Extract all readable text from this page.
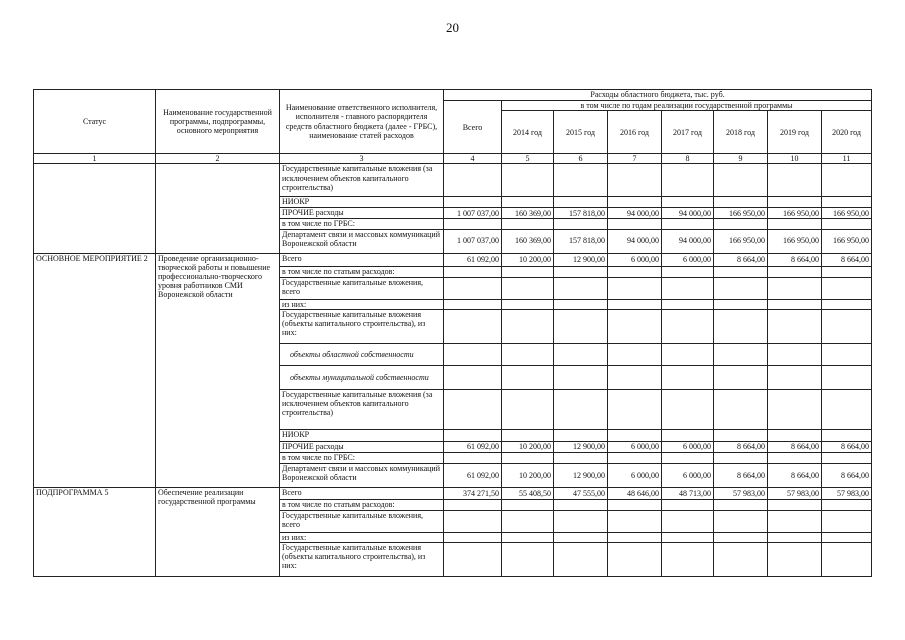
20
Статус	Наименование государственной программы, подпрограммы, основного мероприятия	Наименование ответственного исполнителя, исполнителя - главного распорядителя средств областного бюджета (далее - ГРБС), наименование статей расходов	Расходы областного бюджета, тыс. руб.							
			Всего	в том числе по годам реализации государственной программы						
				2014 год	2015 год	2016 год	2017 год	2018 год	2019 год	2020 год
1	2	3	4	5	6	7	8	9	10	11
		Государственные капитальные вложения (за исключением объектов капитального строительства)								
		НИОКР								
		ПРОЧИЕ расходы	1 007 037,00	160 369,00	157 818,00	94 000,00	94 000,00	166 950,00	166 950,00	166 950,00
		в том числе по ГРБС:								
		Департамент связи и массовых коммуникаций Воронежской области	1 007 037,00	160 369,00	157 818,00	94 000,00	94 000,00	166 950,00	166 950,00	166 950,00
ОСНОВНОЕ МЕРОПРИЯТИЕ 2	Проведение организационно-творческой работы и повышение профессионально-творческого уровня работников СМИ Воронежской области	Всего	61 092,00	10 200,00	12 900,00	6 000,00	6 000,00	8 664,00	8 664,00	8 664,00
		в том числе по статьям расходов:								
		Государственные капитальные вложения, всего								
		из них:								
		Государственные капитальные вложения (объекты капитального строительства), из них:								
		объекты областной собственности								
		объекты муниципальной собственности								
		Государственные капитальные вложения (за исключением объектов капитального строительства)								
		НИОКР								
		ПРОЧИЕ расходы	61 092,00	10 200,00	12 900,00	6 000,00	6 000,00	8 664,00	8 664,00	8 664,00
		в том числе по ГРБС:								
		Департамент связи и массовых коммуникаций Воронежской области	61 092,00	10 200,00	12 900,00	6 000,00	6 000,00	8 664,00	8 664,00	8 664,00
ПОДПРОГРАММА 5	Обеспечение реализации государственной программы	Всего	374 271,50	55 408,50	47 555,00	48 646,00	48 713,00	57 983,00	57 983,00	57 983,00
		в том числе по статьям расходов:								
		Государственные капитальные вложения, всего								
		из них:								
		Государственные капитальные вложения (объекты капитального строительства), из них:								
